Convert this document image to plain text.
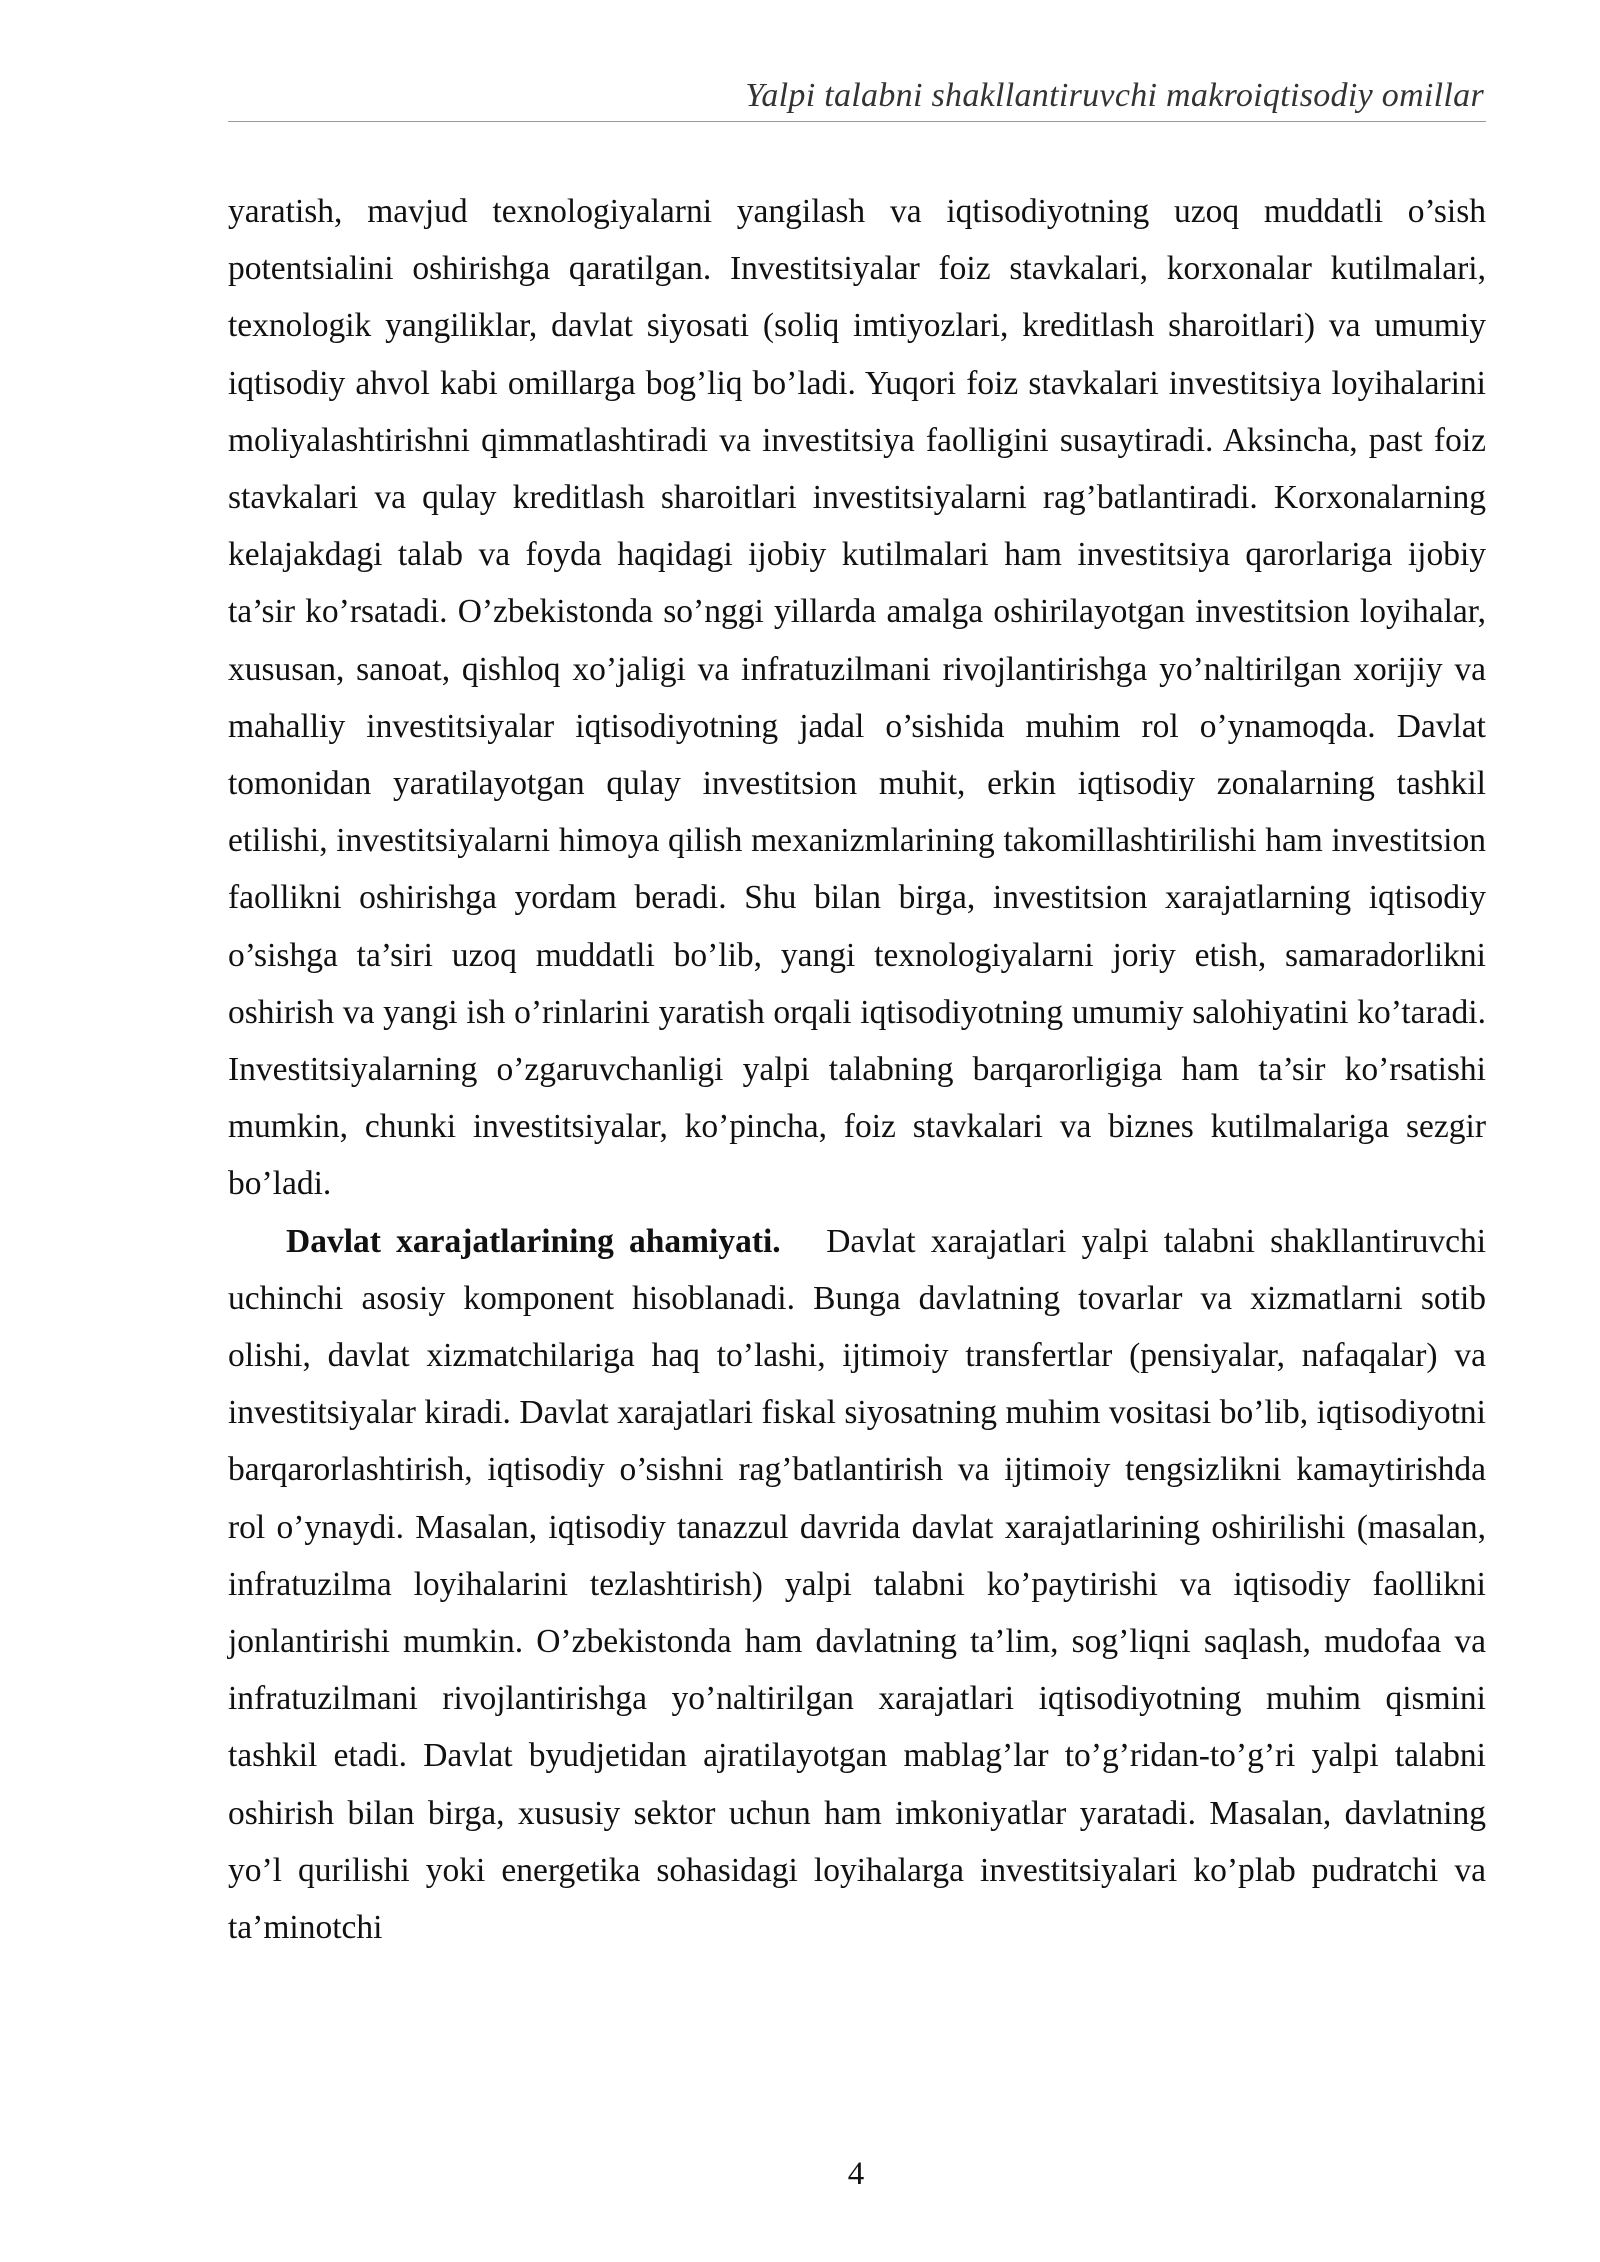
Yalpi talabni shakllantiruvchi makroiqtisodiy omillar

yaratish, mavjud texnologiyalarni yangilash va iqtisodiyotning uzoq muddatli o’sish potentsialini oshirishga qaratilgan. Investitsiyalar foiz stavkalari, korxonalar kutilmalari, texnologik yangiliklar, davlat siyosati (soliq imtiyozlari, kreditlash sharoitlari) va umumiy iqtisodiy ahvol kabi omillarga bog’liq bo’ladi. Yuqori foiz stavkalari investitsiya loyihalarini moliyalashtirishni qimmatlashtiradi va investitsiya faolligini susaytiradi. Aksincha, past foiz stavkalari va qulay kreditlash sharoitlari investitsiyalarni rag’batlantiradi. Korxonalarning kelajakdagi talab va foyda haqidagi ijobiy kutilmalari ham investitsiya qarorlariga ijobiy ta’sir ko’rsatadi. O’zbekistonda so’nggi yillarda amalga oshirilayotgan investitsion loyihalar, xususan, sanoat, qishloq xo’jaligi va infratuzilmani rivojlantirishga yo’naltirilgan xorijiy va mahalliy investitsiyalar iqtisodiyotning jadal o’sishida muhim rol o’ynamoqda. Davlat tomonidan yaratilayotgan qulay investitsion muhit, erkin iqtisodiy zonalarning tashkil etilishi, investitsiyalarni himoya qilish mexanizmlarining takomillashtirilishi ham investitsion faollikni oshirishga yordam beradi. Shu bilan birga, investitsion xarajatlarning iqtisodiy o’sishga ta’siri uzoq muddatli bo’lib, yangi texnologiyalarni joriy etish, samaradorlikni oshirish va yangi ish o’rinlarini yaratish orqali iqtisodiyotning umumiy salohiyatini ko’taradi. Investitsiyalarning o’zgaruvchanligi yalpi talabning barqarorligiga ham ta’sir ko’rsatishi mumkin, chunki investitsiyalar, ko’pincha, foiz stavkalari va biznes kutilmalariga sezgir bo’ladi.

Davlat xarajatlarining ahamiyati. Davlat xarajatlari yalpi talabni shakllantiruvchi uchinchi asosiy komponent hisoblanadi. Bunga davlatning tovarlar va xizmatlarni sotib olishi, davlat xizmatchilariga haq to’lashi, ijtimoiy transfertlar (pensiyalar, nafaqalar) va investitsiyalar kiradi. Davlat xarajatlari fiskal siyosatning muhim vositasi bo’lib, iqtisodiyotni barqarorlashtirish, iqtisodiy o’sishni rag’batlantirish va ijtimoiy tengsizlikni kamaytirishda rol o’ynaydi. Masalan, iqtisodiy tanazzul davrida davlat xarajatlarining oshirilishi (masalan, infratuzilma loyihalarini tezlashtirish) yalpi talabni ko’paytirishi va iqtisodiy faollikni jonlantirishi mumkin. O’zbekistonda ham davlatning ta’lim, sog’liqni saqlash, mudofaa va infratuzilmani rivojlantirishga yo’naltirilgan xarajatlari iqtisodiyotning muhim qismini tashkil etadi. Davlat byudjetidan ajratilayotgan mablag’lar to’g’ridan-to’g’ri yalpi talabni oshirish bilan birga, xususiy sektor uchun ham imkoniyatlar yaratadi. Masalan, davlatning yo’l qurilishi yoki energetika sohasidagi loyihalarga investitsiyalari ko’plab pudratchi va ta’minotchi

4
